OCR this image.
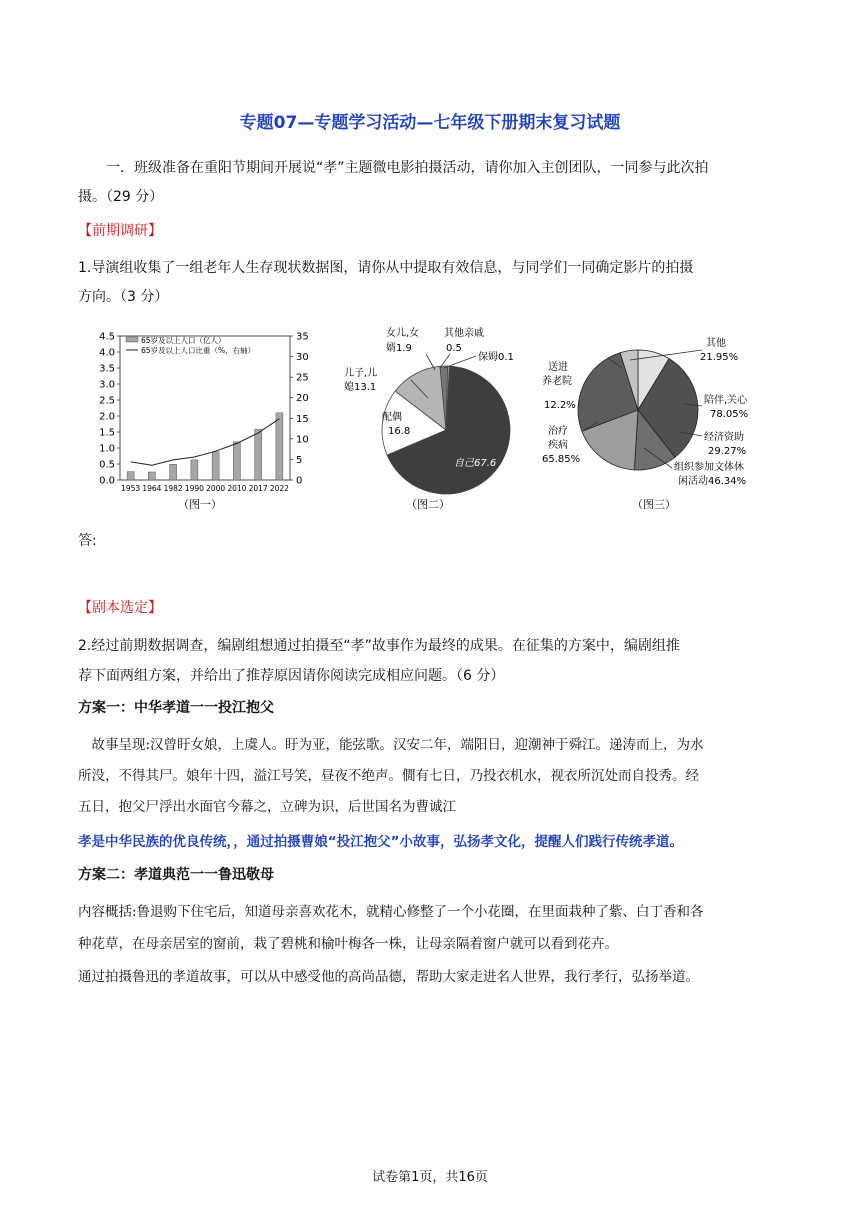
专题07—专题学习活动—七年级下册期末复习试题
一．班级准备在重阳节期间开展说“孝”主题微电影拍摄活动，请你加入主创团队，一同参与此次拍
摄。（29 分）
【前期调研】
1.导演组收集了一组老年人生存现状数据图，请你从中提取有效信息，与同学们一同确定影片的拍摄
方向。（3 分）
0.0
0.5
1.0
1.5
2.0
2.5
3.0
3.5
4.0
4.5
0
5
10
15
20
25
30
35
1953 1964 1982 1990 2000 2010 2017 2022
65岁及以上人口（亿人）
65岁及以上人口比重（%，右轴）
（图一）
自己67.6
配偶
16.8
儿子,儿
媳13.1
女儿,女
婿1.9
其他亲戚
0.5
保姆0.1
（图二）
其他
21.95%
陪伴,关心
78.05%
经济资助
29.27%
组织参加文体休
闲活动46.34%
治疗
疾病
65.85%
送进
养老院
12.2%
（图三）
答:
【剧本选定】
2.经过前期数据调查，编剧组想通过拍摄至“孝”故事作为最终的成果。在征集的方案中，编剧组推
荐下面两组方案，并给出了推荐原因请你阅读完成相应问题。（6 分）
方案一：中华孝道一一投江抱父
　故事呈现:汉曾盱女娘，上虞人。盱为亚，能弦歌。汉安二年，端阳日，迎潮神于舜江。递涛而上，为水
所没，不得其尸。娘年十四，溢江号笑，昼夜不绝声。僩有七日，乃投衣机水，视衣所沉处而自投秀。经
五日，抱父尸浮出水面官今幕之，立碑为识，后世国名为曹诚江
孝是中华民族的优良传统，，通过拍摄曹娘“投江抱父”小故事，弘扬孝文化，提醒人们践行传统孝道。
方案二：孝道典范一一鲁迅敬母
内容概括:鲁退购下住宅后，知道母亲喜欢花木，就精心修整了一个小花圈，在里面栽种了紫、白丁香和各
种花草，在母亲居室的窗前，栽了碧桃和榆叶梅各一株，让母亲隔着窗户就可以看到花卉。
通过拍摄鲁迅的孝道故事，可以从中感受他的高尚品德，帮助大家走进名人世界，我行孝行，弘扬举道。
试卷第1页，共16页
